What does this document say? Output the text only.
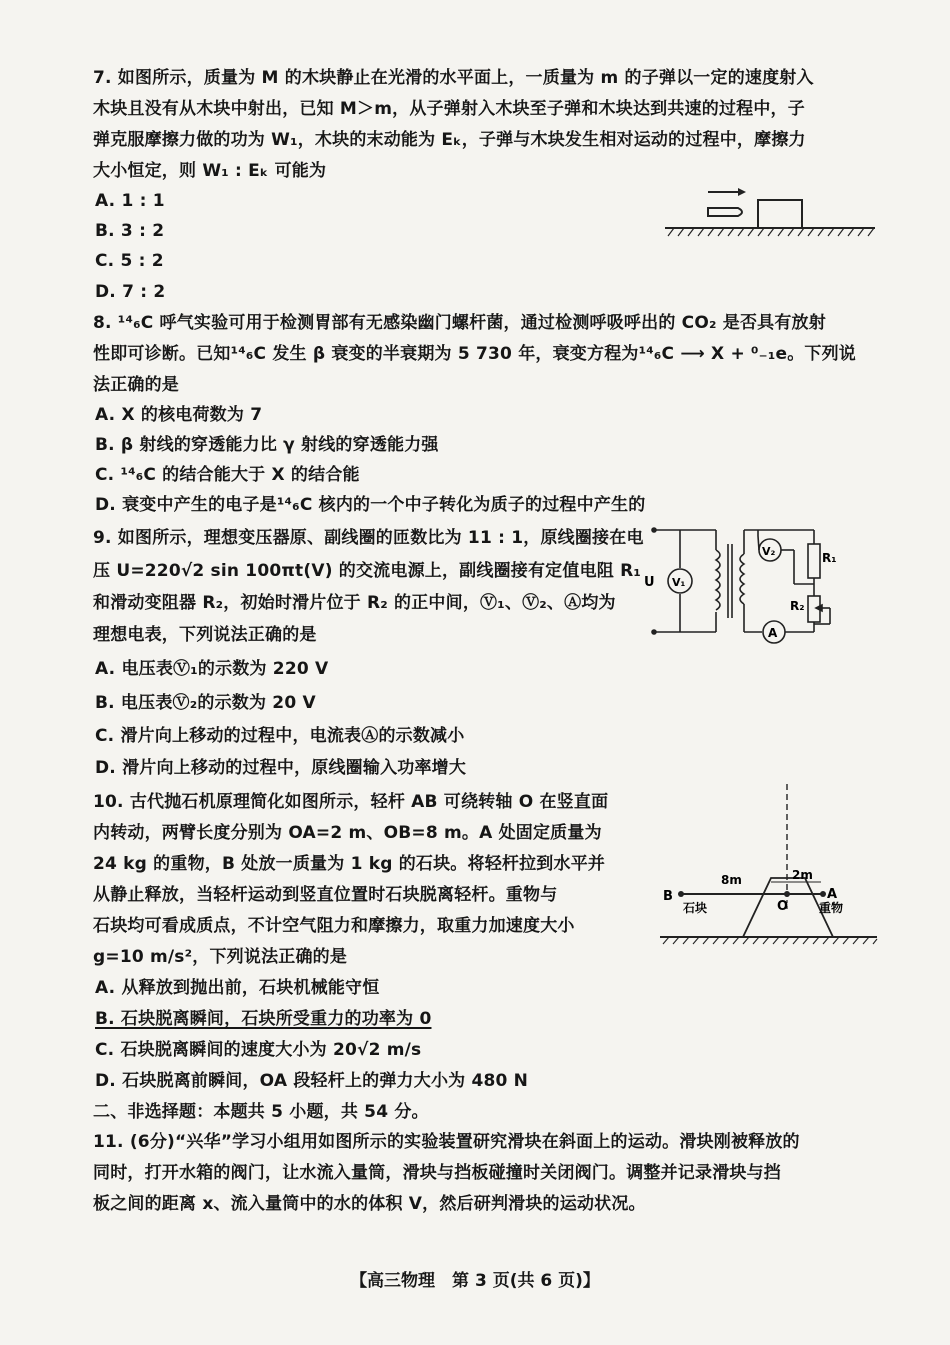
7. 如图所示，质量为 M 的木块静止在光滑的水平面上，一质量为 m 的子弹以一定的速度射入
木块且没有从木块中射出，已知 M＞m，从子弹射入木块至子弹和木块达到共速的过程中，子
弹克服摩擦力做的功为 W₁，木块的末动能为 Eₖ，子弹与木块发生相对运动的过程中，摩擦力
大小恒定，则 W₁ : Eₖ 可能为
A. 1 : 1
B. 3 : 2
C. 5 : 2
D. 7 : 2
8. ¹⁴₆C 呼气实验可用于检测胃部有无感染幽门螺杆菌，通过检测呼吸呼出的 CO₂ 是否具有放射
性即可诊断。已知¹⁴₆C 发生 β 衰变的半衰期为 5 730 年，衰变方程为¹⁴₆C ⟶ X + ⁰₋₁e。下列说
法正确的是
A. X 的核电荷数为 7
B. β 射线的穿透能力比 γ 射线的穿透能力强
C. ¹⁴₆C 的结合能大于 X 的结合能
D. 衰变中产生的电子是¹⁴₆C 核内的一个中子转化为质子的过程中产生的
9. 如图所示，理想变压器原、副线圈的匝数比为 11 : 1，原线圈接在电
压 U=220√2 sin 100πt(V) 的交流电源上，副线圈接有定值电阻 R₁
和滑动变阻器 R₂，初始时滑片位于 R₂ 的正中间，Ⓥ₁、Ⓥ₂、Ⓐ均为
理想电表，下列说法正确的是
A. 电压表Ⓥ₁的示数为 220 V
B. 电压表Ⓥ₂的示数为 20 V
C. 滑片向上移动的过程中，电流表Ⓐ的示数减小
D. 滑片向上移动的过程中，原线圈输入功率增大
U V₁
V₂
A
R₁
R₂
10. 古代抛石机原理简化如图所示，轻杆 AB 可绕转轴 O 在竖直面
内转动，两臂长度分别为 OA=2 m、OB=8 m。A 处固定质量为
24 kg 的重物，B 处放一质量为 1 kg 的石块。将轻杆拉到水平并
从静止释放，当轻杆运动到竖直位置时石块脱离轻杆。重物与
石块均可看成质点，不计空气阻力和摩擦力，取重力加速度大小
g=10 m/s²，下列说法正确的是
A. 从释放到抛出前，石块机械能守恒
B. 石块脱离瞬间，石块所受重力的功率为 0
C. 石块脱离瞬间的速度大小为 20√2 m/s
D. 石块脱离前瞬间，OA 段轻杆上的弹力大小为 480 N
B	A
O
8m	2m
石块	重物
二、非选择题：本题共 5 小题，共 54 分。
11. (6分)“兴华”学习小组用如图所示的实验装置研究滑块在斜面上的运动。滑块刚被释放的
同时，打开水箱的阀门，让水流入量筒，滑块与挡板碰撞时关闭阀门。调整并记录滑块与挡
板之间的距离 x、流入量筒中的水的体积 V，然后研判滑块的运动状况。
【高三物理　第 3 页(共 6 页)】
